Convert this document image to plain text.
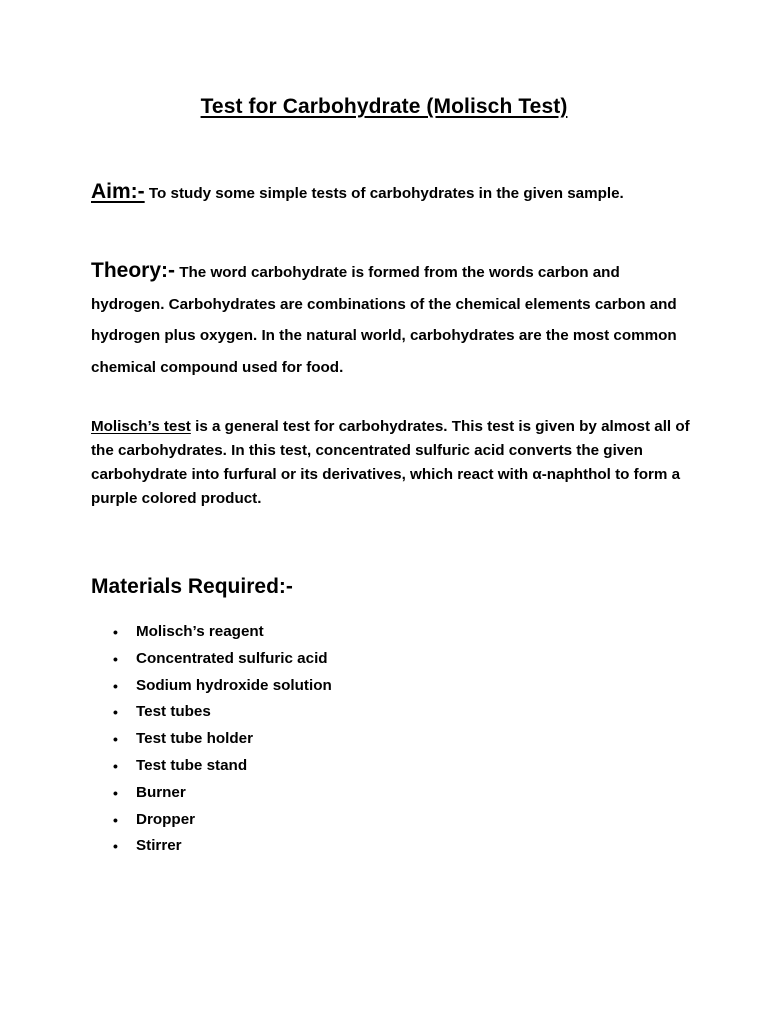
Test for Carbohydrate (Molisch Test)
Aim:- To study some simple tests of carbohydrates in the given sample.
Theory:- The word carbohydrate is formed from the words carbon and hydrogen. Carbohydrates are combinations of the chemical elements carbon and hydrogen plus oxygen. In the natural world, carbohydrates are the most common chemical compound used for food.
Molisch’s test is a general test for carbohydrates. This test is given by almost all of the carbohydrates. In this test, concentrated sulfuric acid converts the given carbohydrate into furfural or its derivatives, which react with α-naphthol to form a purple colored product.
Materials Required:-
• Molisch’s reagent
• Concentrated sulfuric acid
• Sodium hydroxide solution
• Test tubes
• Test tube holder
• Test tube stand
• Burner
• Dropper
• Stirrer
